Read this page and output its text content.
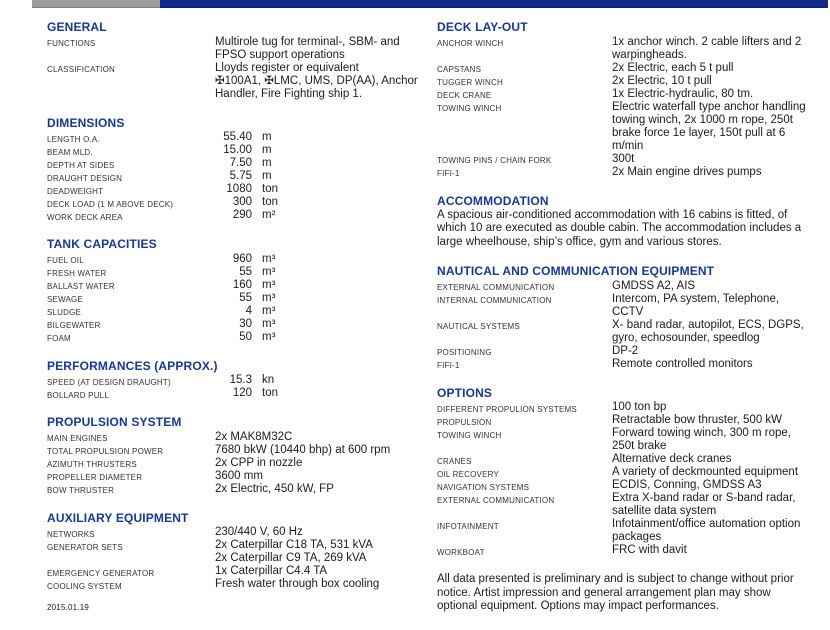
GENERAL
FUNCTIONS	Multirole tug for terminal-, SBM- and
FPSO support operations
CLASSIFICATION	Lloyds register or equivalent
✠100A1, ✠LMC, UMS, DP(AA), Anchor
Handler, Fire Fighting ship 1.
DIMENSIONS
LENGTH O.A.	55.40 m
BEAM MLD.	15.00 m
DEPTH AT SIDES	7.50 m
DRAUGHT DESIGN	5.75 m
DEADWEIGHT	1080 ton
DECK LOAD (1 M ABOVE DECK)	300 ton
WORK DECK AREA	290 m²
TANK CAPACITIES
FUEL OIL	960 m³
FRESH WATER	55 m³
BALLAST WATER	160 m³
SEWAGE	55 m³
SLUDGE	4 m³
BILGEWATER	30 m³
FOAM	50 m³
PERFORMANCES (APPROX.)
SPEED (AT DESIGN DRAUGHT)	15.3 kn
BOLLARD PULL	120 ton
PROPULSION SYSTEM
MAIN ENGINES	2x MAK8M32C
TOTAL PROPULSION POWER	7680 bkW (10440 bhp) at 600 rpm
AZIMUTH THRUSTERS	2x CPP in nozzle
PROPELLER DIAMETER	3600 mm
BOW THRUSTER	2x Electric, 450 kW, FP
AUXILIARY EQUIPMENT
NETWORKS	230/440 V, 60 Hz
GENERATOR SETS	2x Caterpillar C18 TA, 531 kVA
2x Caterpillar C9 TA, 269 kVA
EMERGENCY GENERATOR	1x Caterpillar C4.4 TA
COOLING SYSTEM	Fresh water through box cooling
DECK LAY-OUT
ANCHOR WINCH	1x anchor winch. 2 cable lifters and 2
warpingheads.
CAPSTANS	2x Electric, each 5 t pull
TUGGER WINCH	2x Electric, 10 t pull
DECK CRANE	1x Electric-hydraulic, 80 tm.
TOWING WINCH	Electric waterfall type anchor handling
towing winch, 2x 1000 m rope, 250t
brake force 1e layer, 150t pull at 6
m/min
TOWING PINS / CHAIN FORK	300t
FIFI-1	2x Main engine drives pumps
ACCOMMODATION
A spacious air-conditioned accommodation with 16 cabins is fitted, of
which 10 are executed as double cabin. The accommodation includes a
large wheelhouse, ship’s office, gym and various stores.
NAUTICAL AND COMMUNICATION EQUIPMENT
EXTERNAL COMMUNICATION	GMDSS A2, AIS
INTERNAL COMMUNICATION	Intercom, PA system, Telephone,
CCTV
NAUTICAL SYSTEMS	X- band radar, autopilot, ECS, DGPS,
gyro, echosounder, speedlog
POSITIONING	DP-2
FIFI-1	Remote controlled monitors
OPTIONS
DIFFERENT PROPULION SYSTEMS	100 ton bp
PROPULSION	Retractable bow thruster, 500 kW
TOWING WINCH	Forward towing winch, 300 m rope,
250t brake
CRANES	Alternative deck cranes
OIL RECOVERY	A variety of deckmounted equipment
NAVIGATION SYSTEMS	ECDIS, Conning, GMDSS A3
EXTERNAL COMMUNICATION	Extra X-band radar or S-band radar,
satellite data system
INFOTAINMENT	Infotainment/office automation option
packages
WORKBOAT	FRC with davit
All data presented is preliminary and is subject to change without prior
notice. Artist impression and general arrangement plan may show
optional equipment. Options may impact performances.
2015.01.19
